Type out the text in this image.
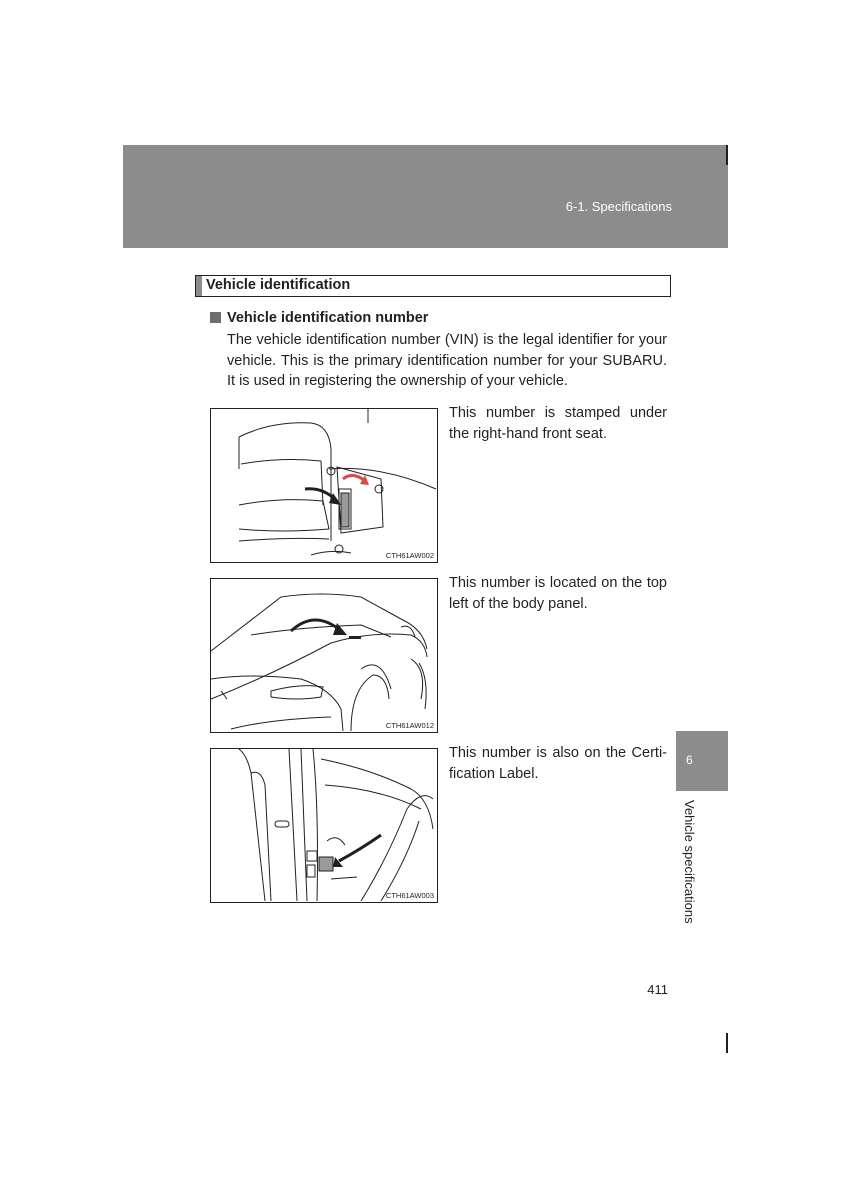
6-1. Specifications
Vehicle identification
Vehicle identification number
The vehicle identification number (VIN) is the legal identifier for your vehicle. This is the primary identification number for your SUBARU. It is used in registering the ownership of your vehicle.
CTH61AW002
This number is stamped under the right-hand front seat.
CTH61AW012
This number is located on the top left of the body panel.
CTH61AW003
This number is also on the Certi-fication Label.
6
Vehicle specifications
411
